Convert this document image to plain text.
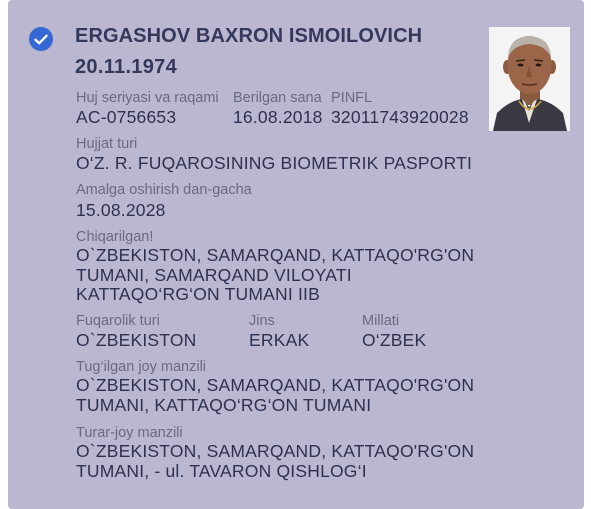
ERGASHOV BAXRON ISMOILOVICH
20.11.1974
Huj seriyasi va raqami
AC-0756653
Berilgan sana
16.08.2018
PINFL
32011743920028
Hujjat turi
O‘Z. R. FUQAROSINING BIOMETRIK PASPORTI
Amalga oshirish dan-gacha
15.08.2028
Chiqarilgan!
O`ZBEKISTON, SAMARQAND, KATTAQO'RG'ON
TUMANI, SAMARQAND VILOYATI
KATTAQO‘RG‘ON TUMANI IIB
Fuqarolik turi
O`ZBEKISTON
Jins
ERKAK
Millati
O‘ZBEK
Tug‘ilgan joy manzili
O`ZBEKISTON, SAMARQAND, KATTAQO'RG'ON
TUMANI, KATTAQO‘RG‘ON TUMANI
Turar-joy manzili
O`ZBEKISTON, SAMARQAND, KATTAQO'RG'ON
TUMANI, - ul. TAVARON QISHLOG‘I
